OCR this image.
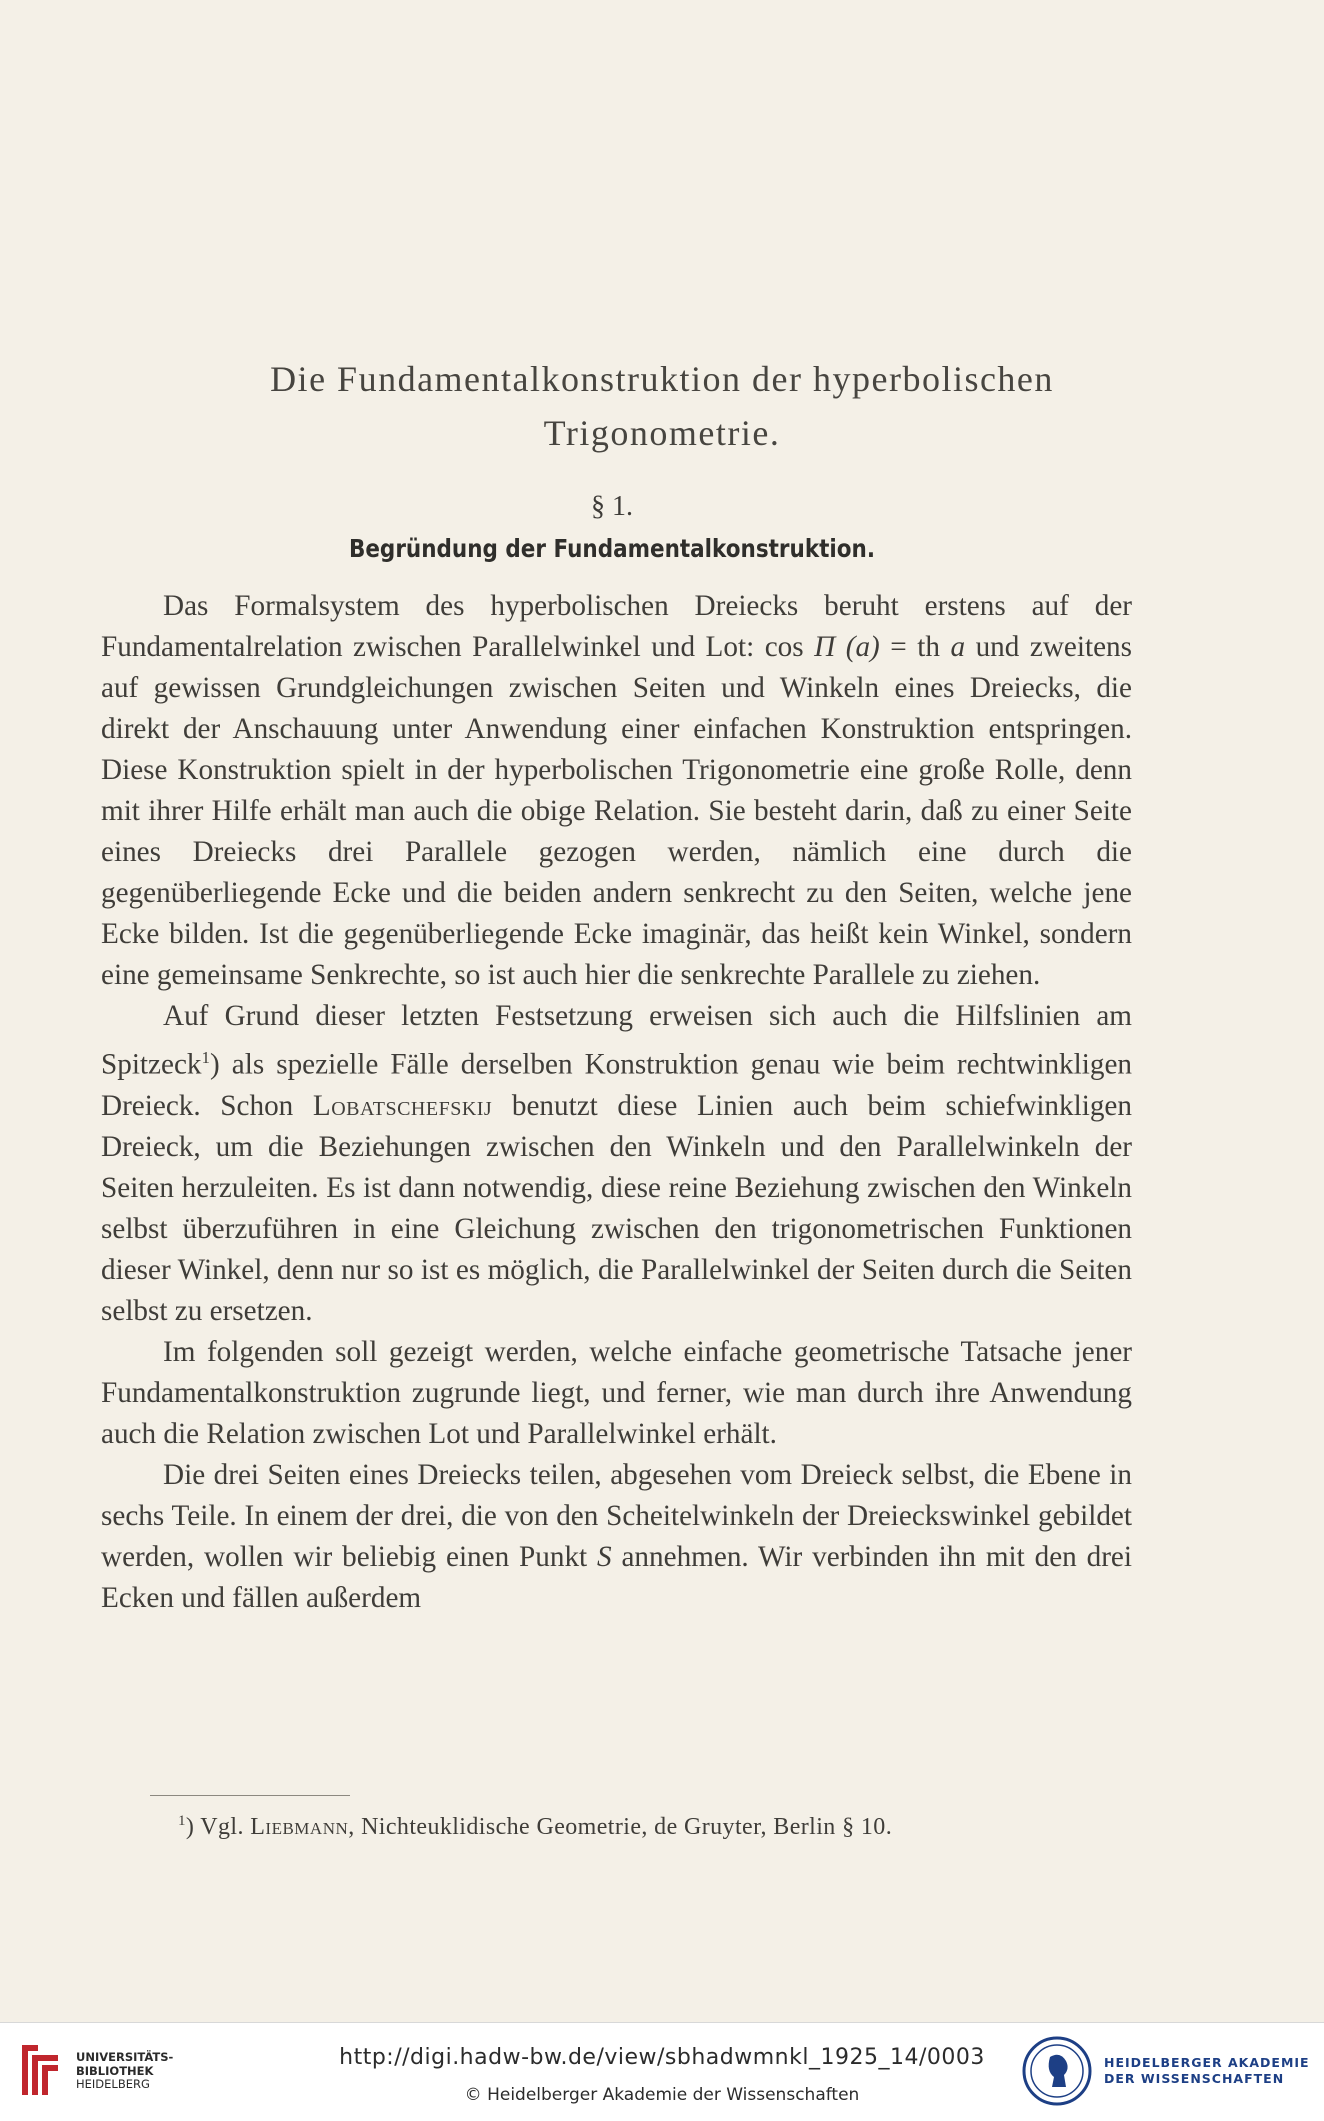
Die Fundamentalkonstruktion der hyperbolischen
Trigonometrie.
§ 1.
Begründung der Fundamentalkonstruktion.

Das Formalsystem des hyperbolischen Dreiecks beruht erstens auf der Fundamentalrelation zwischen Parallelwinkel und Lot: cos Π (a) = th a und zweitens auf gewissen Grundgleichungen zwischen Seiten und Winkeln eines Dreiecks, die direkt der Anschauung unter Anwendung einer einfachen Konstruktion entspringen. Diese Konstruktion spielt in der hyperbolischen Trigonometrie eine große Rolle, denn mit ihrer Hilfe erhält man auch die obige Relation. Sie besteht darin, daß zu einer Seite eines Dreiecks drei Parallele gezogen werden, nämlich eine durch die gegenüberliegende Ecke und die beiden andern senkrecht zu den Seiten, welche jene Ecke bilden. Ist die gegenüberliegende Ecke imaginär, das heißt kein Winkel, sondern eine gemeinsame Senkrechte, so ist auch hier die senkrechte Parallele zu ziehen.

Auf Grund dieser letzten Festsetzung erweisen sich auch die Hilfslinien am Spitzeck$^1$) als spezielle Fälle derselben Konstruktion genau wie beim rechtwinkligen Dreieck. Schon Lobatschefskij benutzt diese Linien auch beim schiefwinkligen Dreieck, um die Beziehungen zwischen den Winkeln und den Parallelwinkeln der Seiten herzuleiten. Es ist dann notwendig, diese reine Beziehung zwischen den Winkeln selbst überzuführen in eine Gleichung zwischen den trigonometrischen Funktionen dieser Winkel, denn nur so ist es möglich, die Parallelwinkel der Seiten durch die Seiten selbst zu ersetzen.

Im folgenden soll gezeigt werden, welche einfache geometrische Tatsache jener Fundamentalkonstruktion zugrunde liegt, und ferner, wie man durch ihre Anwendung auch die Relation zwischen Lot und Parallelwinkel erhält.

Die drei Seiten eines Dreiecks teilen, abgesehen vom Dreieck selbst, die Ebene in sechs Teile. In einem der drei, die von den Scheitelwinkeln der Dreieckswinkel gebildet werden, wollen wir beliebig einen Punkt S annehmen. Wir verbinden ihn mit den drei Ecken und fällen außerdem

$^1$) Vgl. Liebmann, Nichteuklidische Geometrie, de Gruyter, Berlin § 10.
UNIVERSITÄTS-
BIBLIOTHEK
HEIDELBERG
http://digi.hadw-bw.de/view/sbhadwmnkl_1925_14/0003
© Heidelberger Akademie der Wissenschaften
HEIDELBERGER AKADEMIE
DER WISSENSCHAFTEN
